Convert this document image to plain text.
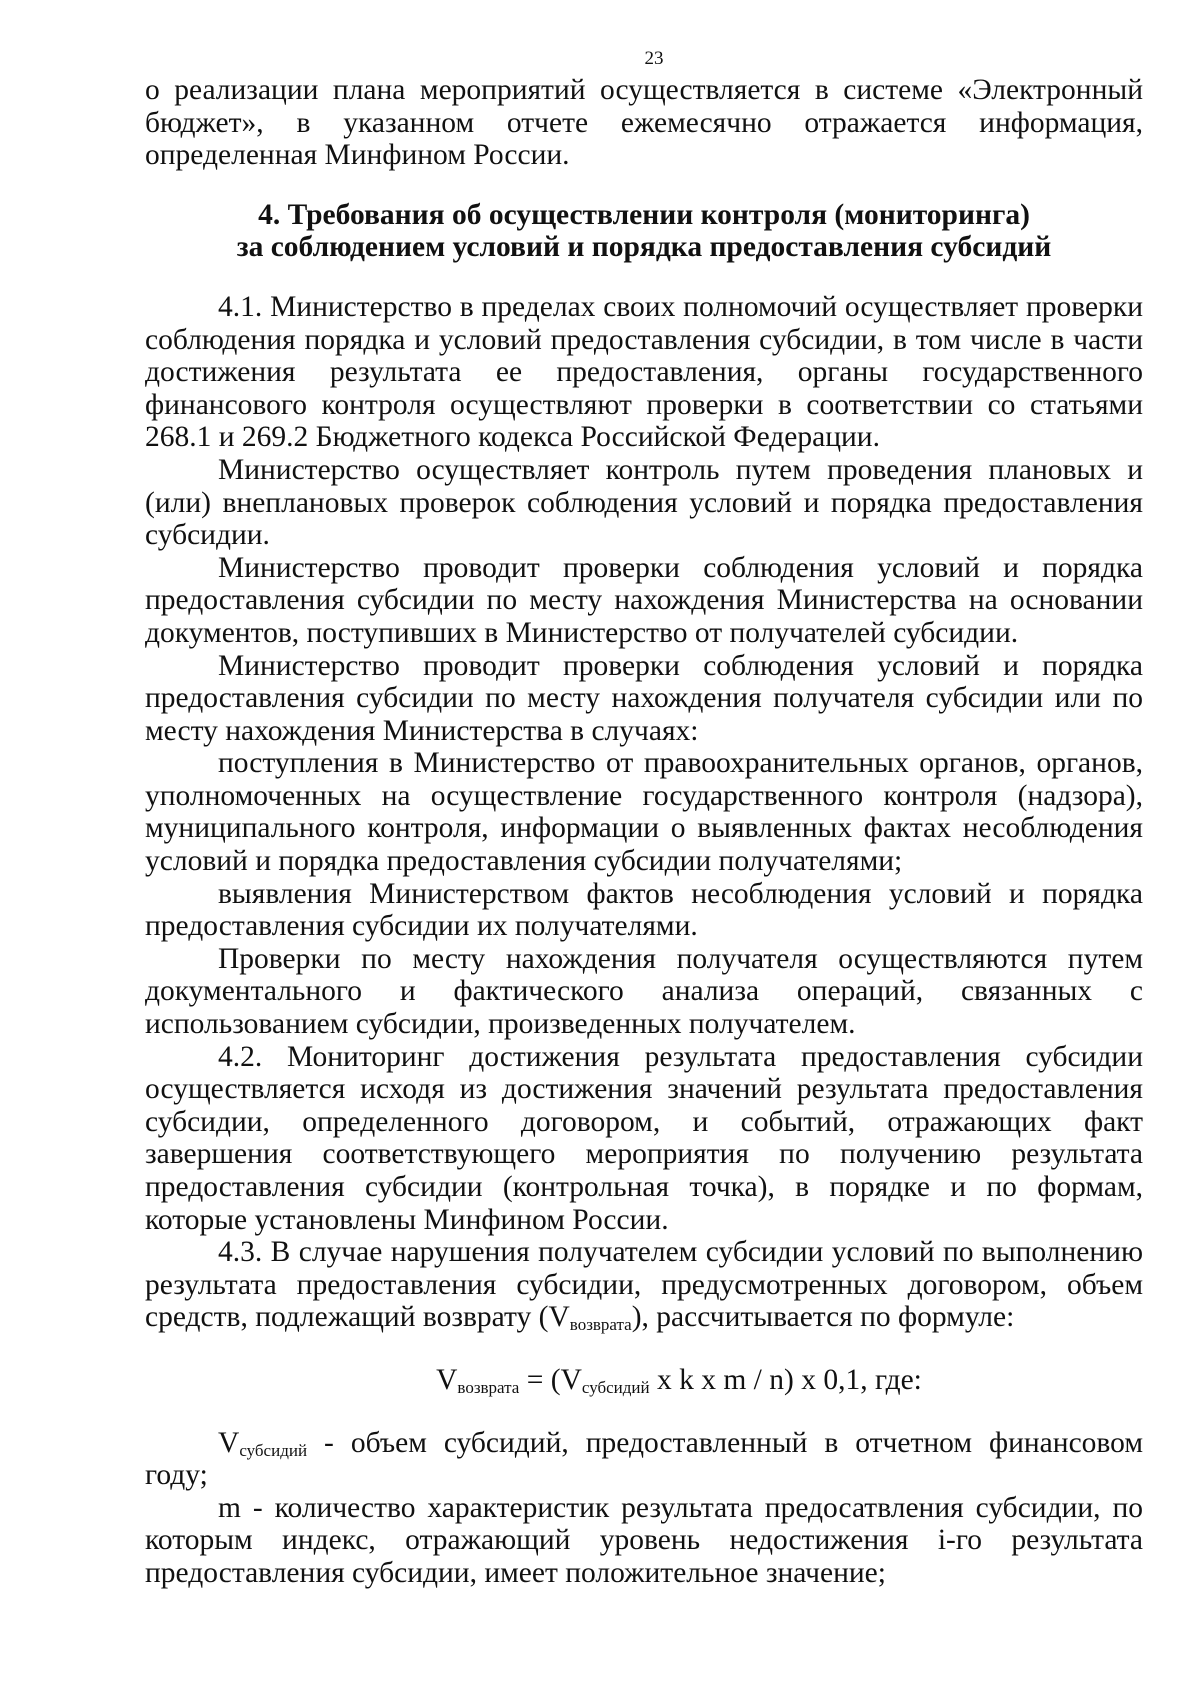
23

о реализации плана мероприятий осуществляется в системе «Электронный бюджет», в указанном отчете ежемесячно отражается информация, определенная Минфином России.

4. Требования об осуществлении контроля (мониторинга)
за соблюдением условий и порядка предоставления субсидий

4.1. Министерство в пределах своих полномочий осуществляет проверки соблюдения порядка и условий предоставления субсидии, в том числе в части достижения результата ее предоставления, органы государственного финансового контроля осуществляют проверки в соответствии со статьями 268.1 и 269.2 Бюджетного кодекса Российской Федерации.

Министерство осуществляет контроль путем проведения плановых и (или) внеплановых проверок соблюдения условий и порядка предоставления субсидии.

Министерство проводит проверки соблюдения условий и порядка предоставления субсидии по месту нахождения Министерства на основании документов, поступивших в Министерство от получателей субсидии.

Министерство проводит проверки соблюдения условий и порядка предоставления субсидии по месту нахождения получателя субсидии или по месту нахождения Министерства в случаях:

поступления в Министерство от правоохранительных органов, органов, уполномоченных на осуществление государственного контроля (надзора), муниципального контроля, информации о выявленных фактах несоблюдения условий и порядка предоставления субсидии получателями;

выявления Министерством фактов несоблюдения условий и порядка предоставления субсидии их получателями.

Проверки по месту нахождения получателя осуществляются путем документального и фактического анализа операций, связанных с использованием субсидии, произведенных получателем.

4.2. Мониторинг достижения результата предоставления субсидии осуществляется исходя из достижения значений результата предоставления субсидии, определенного договором, и событий, отражающих факт завершения соответствующего мероприятия по получению результата предоставления субсидии (контрольная точка), в порядке и по формам, которые установлены Минфином России.

4.3. В случае нарушения получателем субсидии условий по выполнению результата предоставления субсидии, предусмотренных договором, объем средств, подлежащий возврату $(V_{возврата})$, рассчитывается по формуле:

$V_{возврата} = (V_{субсидий}$ x k x m / n) x 0,1, где:

$V_{субсидий}$ - объем субсидий, предоставленный в отчетном финансовом году;

m - количество характеристик результата предосатвления субсидии, по которым индекс, отражающий уровень недостижения i-го результата предоставления субсидии, имеет положительное значение;
